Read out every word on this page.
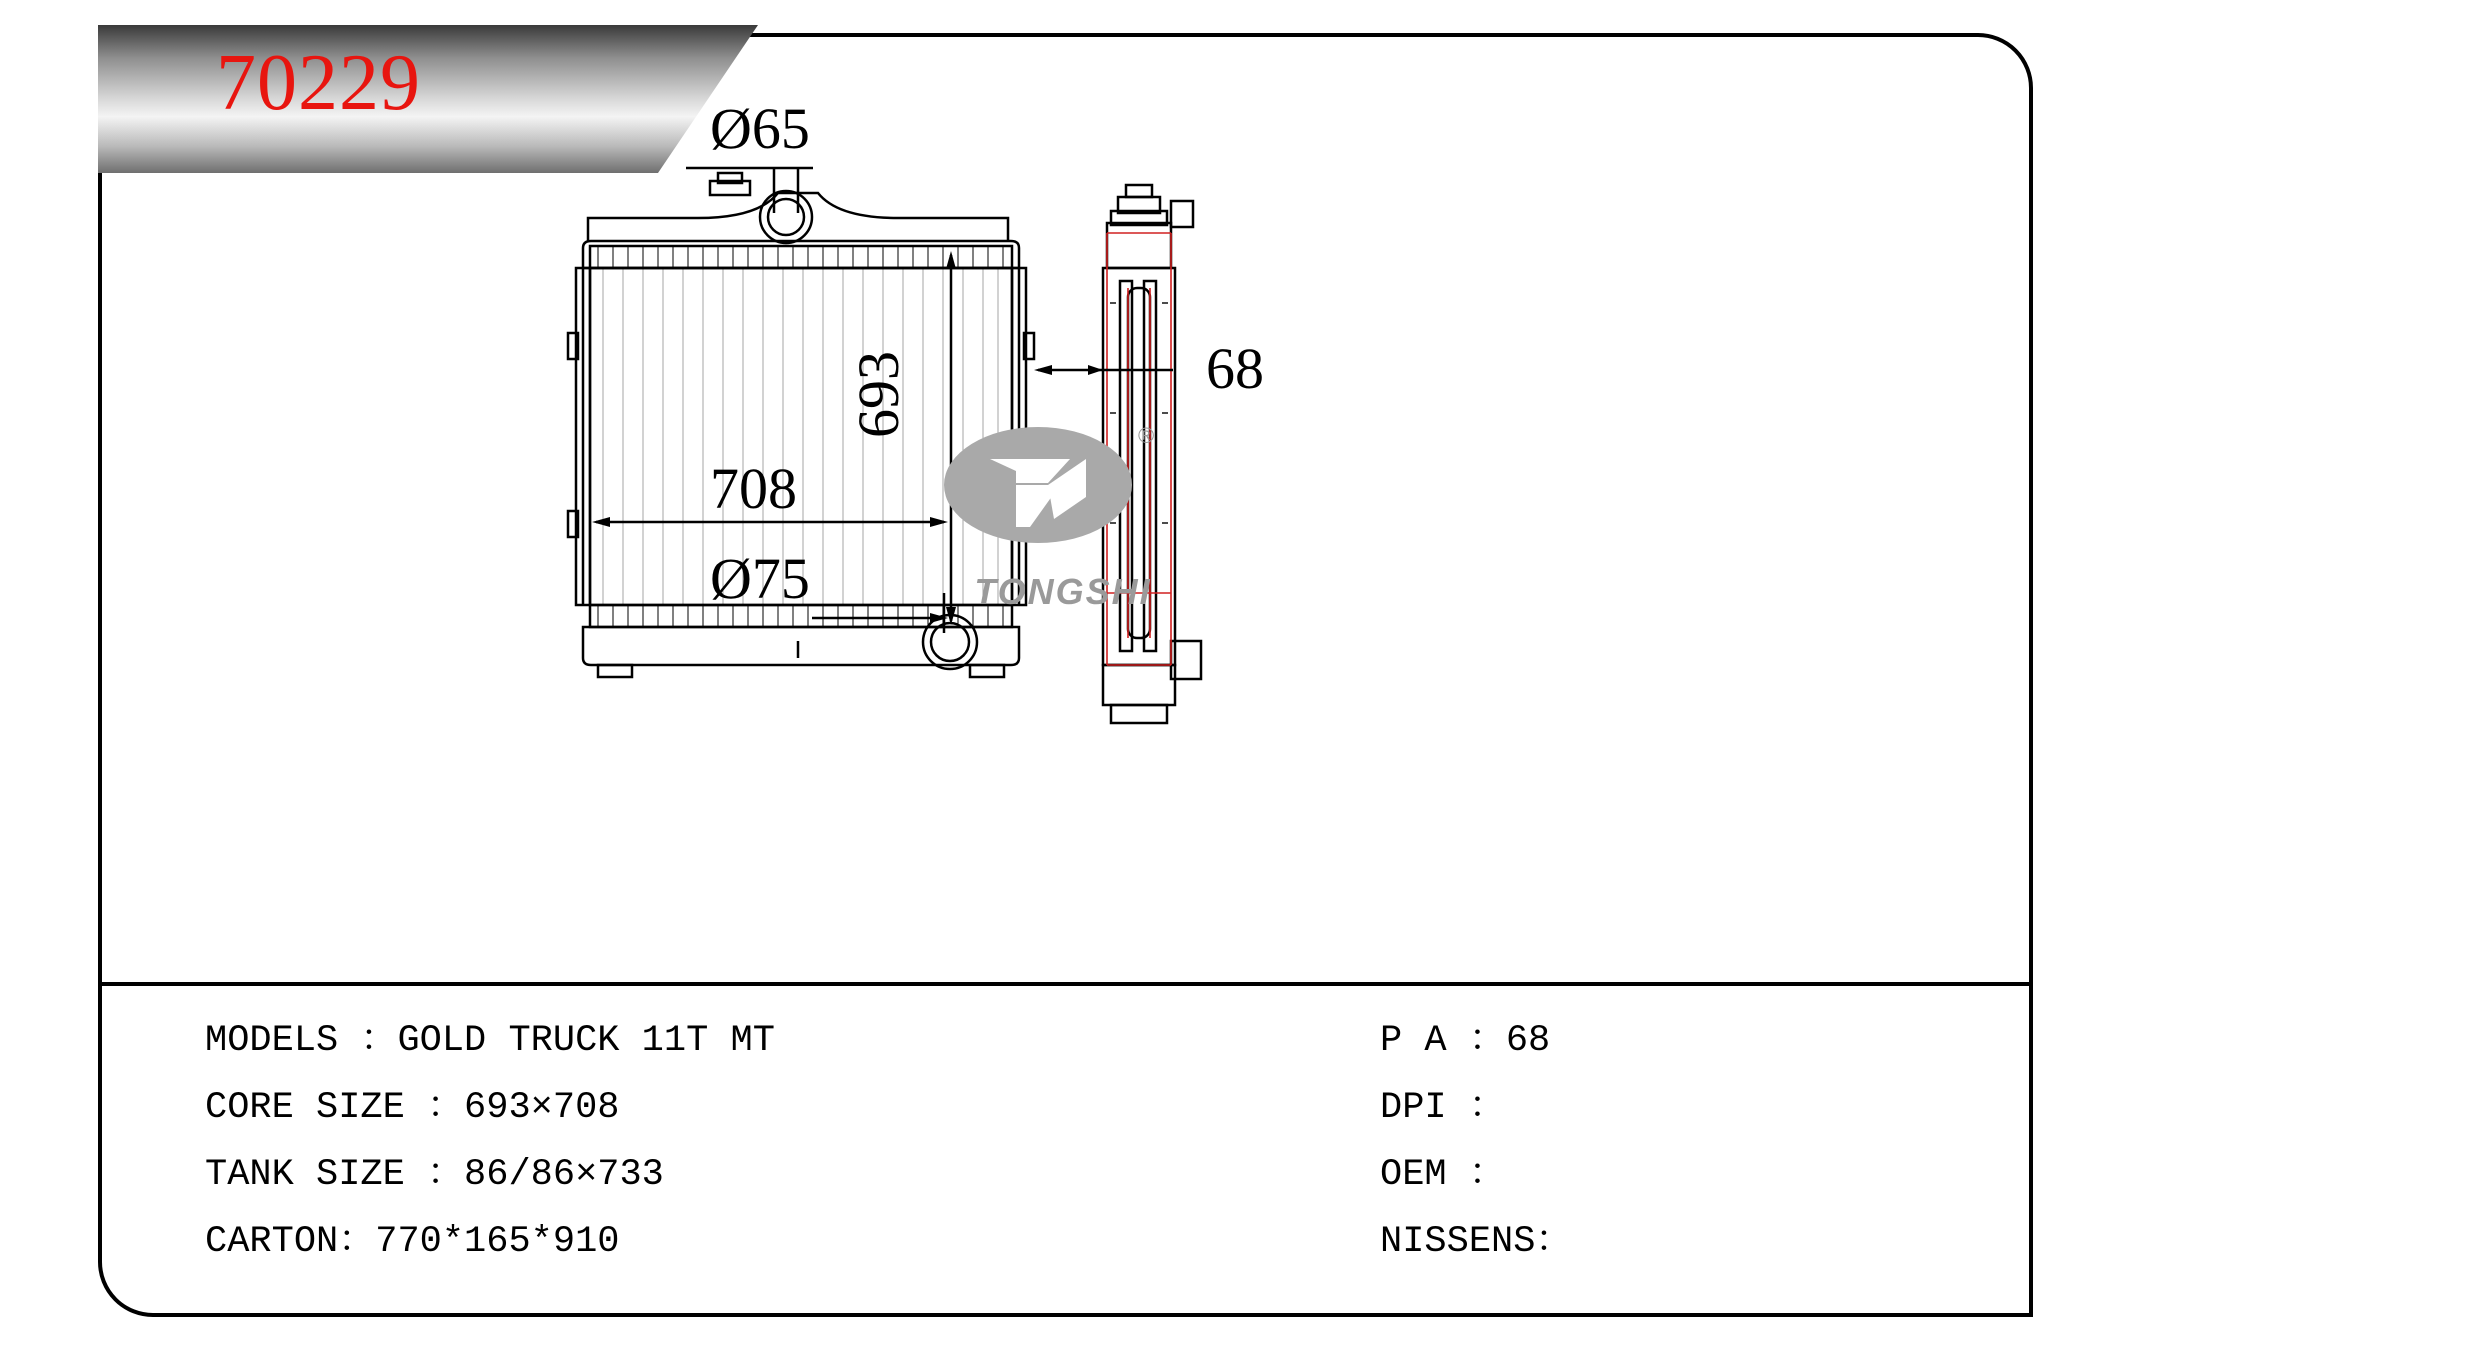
Ø65
693
708
Ø75
68
®
TONGSHI
70229
MODELS ：GOLD TRUCK 11T MT
CORE SIZE ：693×708
TANK SIZE ：86/86×733
CARTON：770*165*910
P A ：68
DPI ：
OEM ：
NISSENS：
